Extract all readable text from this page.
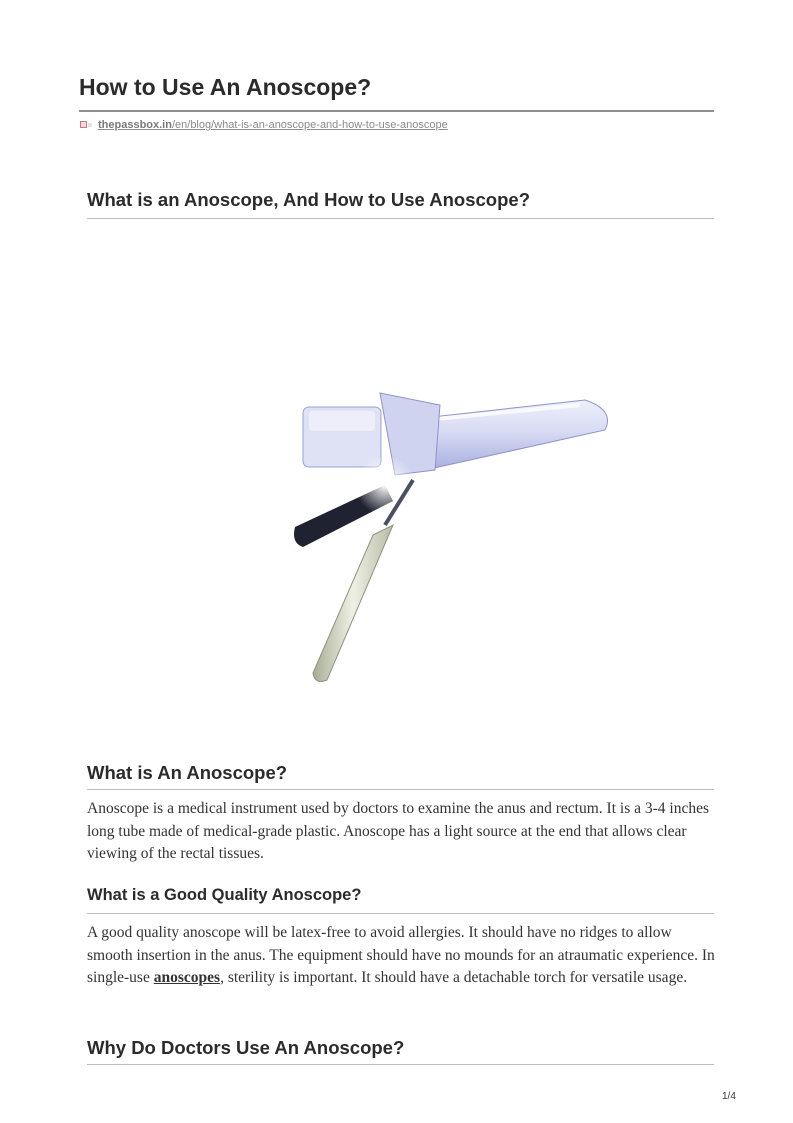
How to Use An Anoscope?
thepassbox.in/en/blog/what-is-an-anoscope-and-how-to-use-anoscope
What is an Anoscope, And How to Use Anoscope?
What is An Anoscope?

Anoscope is a medical instrument used by doctors to examine the anus and rectum. It is a 3-4 inches long tube made of medical-grade plastic. Anoscope has a light source at the end that allows clear viewing of the rectal tissues.

What is a Good Quality Anoscope?

A good quality anoscope will be latex-free to avoid allergies. It should have no ridges to allow smooth insertion in the anus. The equipment should have no mounds for an atraumatic experience. In single-use anoscopes, sterility is important. It should have a detachable torch for versatile usage.

Why Do Doctors Use An Anoscope?
1/4
